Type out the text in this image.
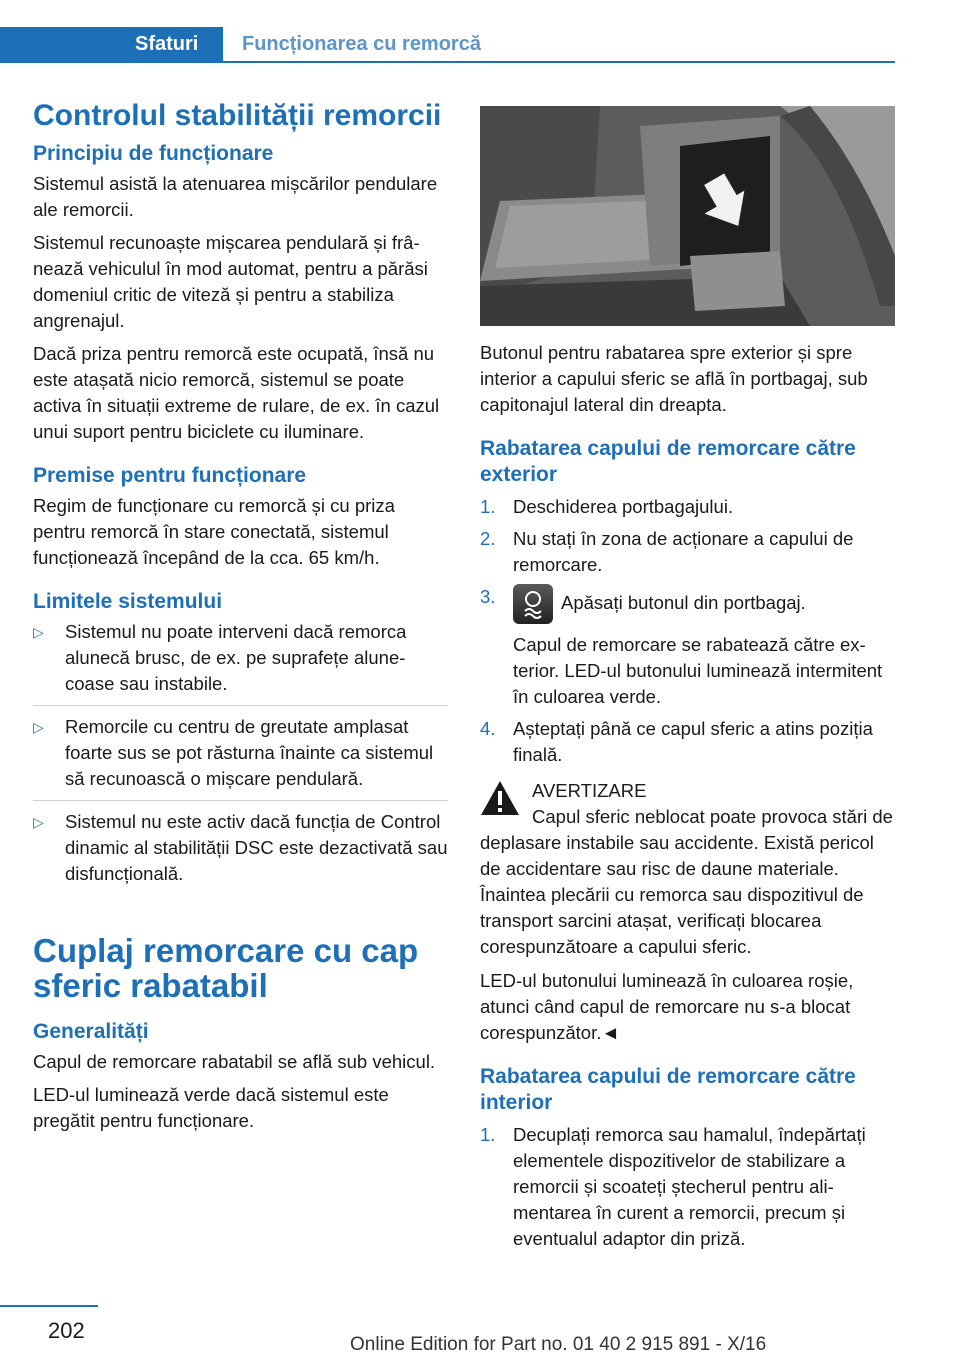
Sfaturi Funcționarea cu remorcă
Controlul stabilității remorcii
Principiu de funcționare

Sistemul asistă la atenuarea mișcărilor pendulare ale remorcii.

Sistemul recunoaște mișcarea pendulară și frânează vehiculul în mod automat, pentru a părăsi domeniul critic de viteză și pentru a stabiliza angrenajul.

Dacă priza pentru remorcă este ocupată, însă nu este atașată nicio remorcă, sistemul se poate activa în situații extreme de rulare, de ex. în cazul unui suport pentru biciclete cu iluminare.

Premise pentru funcționare

Regim de funcționare cu remorcă și cu priza pentru remorcă în stare conectată, sistemul funcționează începând de la cca. 65 km/h.

Limitele sistemului
▷ Sistemul nu poate interveni dacă remorca alunecă brusc, de ex. pe suprafețe alunecoase sau instabile.
▷ Remorcile cu centru de greutate amplasat foarte sus se pot răsturna înainte ca sistemul să recunoască o mișcare pendulară.
▷ Sistemul nu este activ dacă funcția de Control dinamic al stabilității DSC este dezactivată sau disfuncțională.
Cuplaj remorcare cu cap sferic rabatabil
Generalități

Capul de remorcare rabatabil se află sub vehicul.

LED-ul luminează verde dacă sistemul este pregătit pentru funcționare.

Butonul pentru rabatarea spre exterior și spre interior a capului sferic se află în portbagaj, sub capitonajul lateral din dreapta.

Rabatarea capului de remorcare către exterior
1. Deschiderea portbagajului.
2. Nu stați în zona de acționare a capului de remorcare.
3.	Apăsați butonul din portbagaj.
Capul de remorcare se rabatează către exterior. LED-ul butonului luminează intermitent în culoarea verde.
4. Așteptați până ce capul sferic a atins poziția finală.
AVERTIZARE

Capul sferic neblocat poate provoca stări de deplasare instabile sau accidente. Există pericol de accidentare sau risc de daune materiale. Înaintea plecării cu remorca sau dispozitivul de transport sarcini atașat, verificați blocarea corespunzătoare a capului sferic.

LED-ul butonului luminează în culoarea roșie, atunci când capul de remorcare nu s-a blocat corespunzător.◄

Rabatarea capului de remorcare către interior
1. Decuplați remorca sau hamalul, îndepărtați elementele dispozitivelor de stabilizare a remorcii și scoateți ștecherul pentru alimentarea în curent a remorcii, precum și eventualul adaptor din priză.
202
Online Edition for Part no. 01 40 2 915 891 - X/16
